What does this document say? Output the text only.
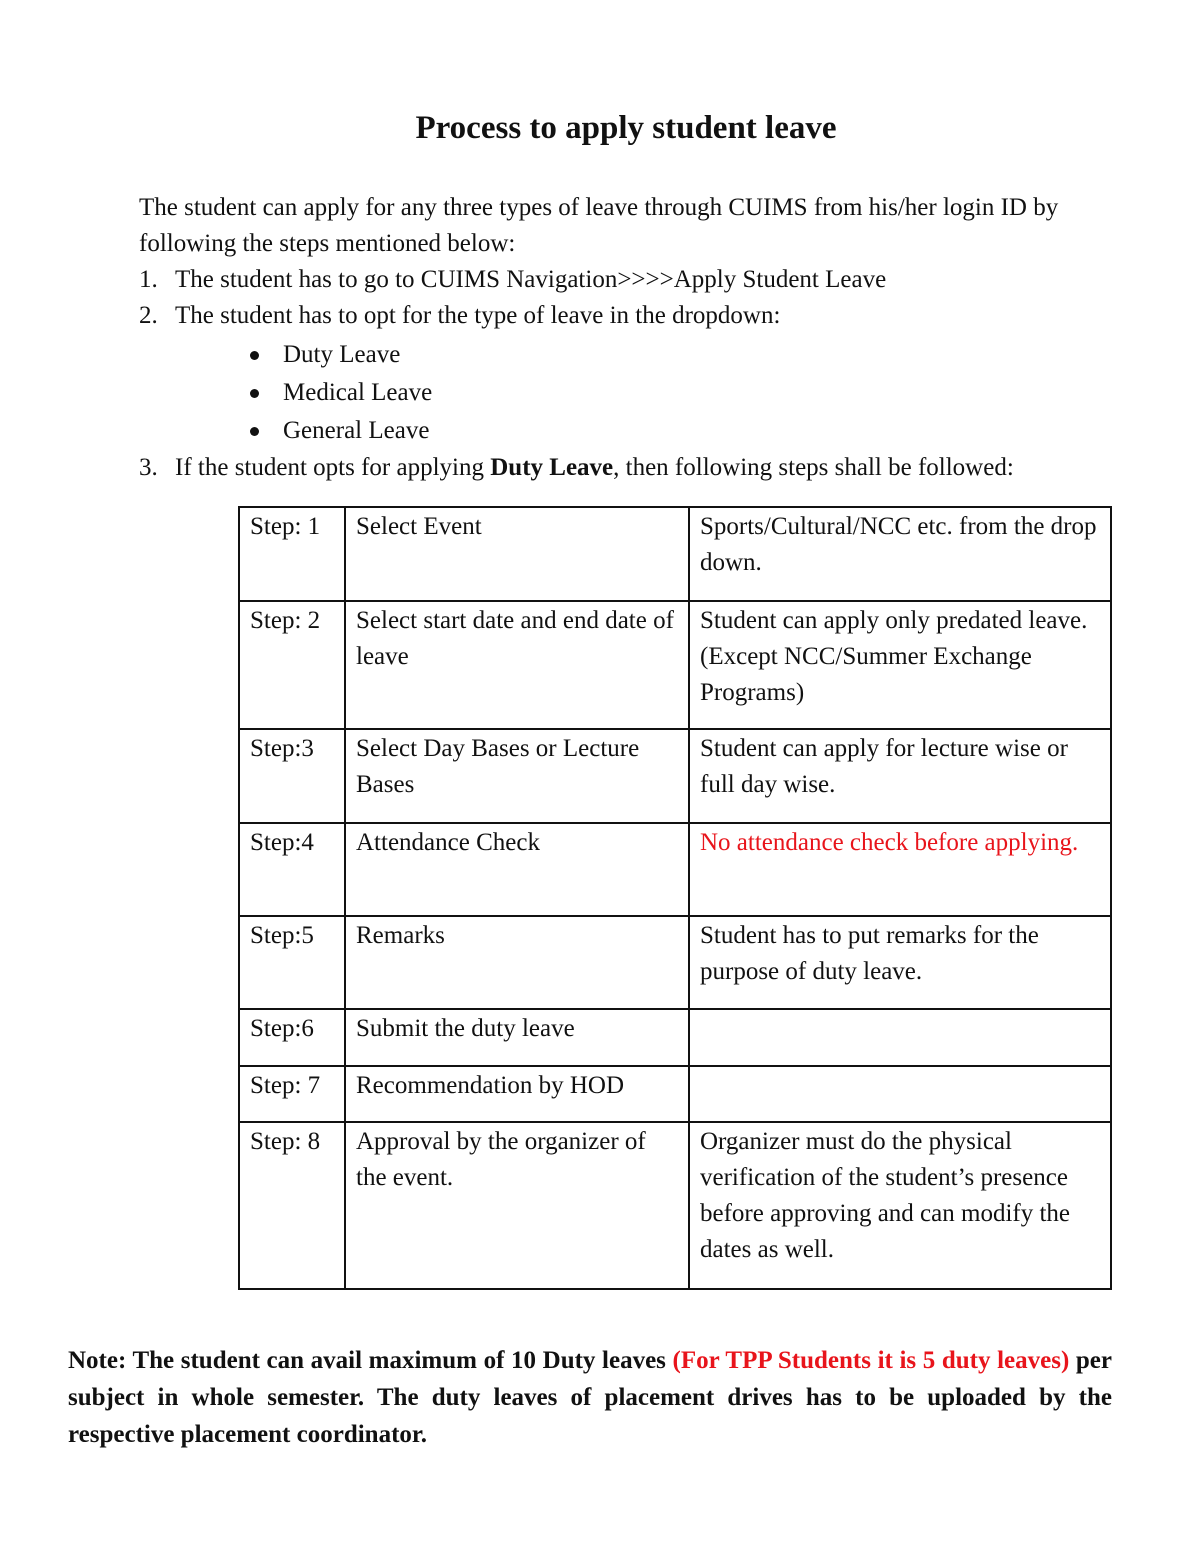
Process to apply student leave

The student can apply for any three types of leave through CUIMS from his/her login ID by following the steps mentioned below:

1. The student has to go to CUIMS Navigation>>>>Apply Student Leave
2. The student has to opt for the type of leave in the dropdown:
Duty Leave
Medical Leave
General Leave
3. If the student opts for applying Duty Leave, then following steps shall be followed:
Step: 1	Select Event	Sports/Cultural/NCC etc. from the drop down.
Step: 2	Select start date and end date of leave	Student can apply only predated leave. (Except NCC/Summer Exchange Programs)
Step:3	Select Day Bases or Lecture Bases	Student can apply for lecture wise or full day wise.
Step:4	Attendance Check	No attendance check before applying.
Step:5	Remarks	Student has to put remarks for the purpose of duty leave.
Step:6	Submit the duty leave	
Step: 7	Recommendation by HOD	
Step: 8	Approval by the organizer of the event.	Organizer must do the physical verification of the student’s presence before approving and can modify the dates as well.

Note: The student can avail maximum of 10 Duty leaves (For TPP Students it is 5 duty leaves) per subject in whole semester. The duty leaves of placement drives has to be uploaded by the respective placement coordinator.
